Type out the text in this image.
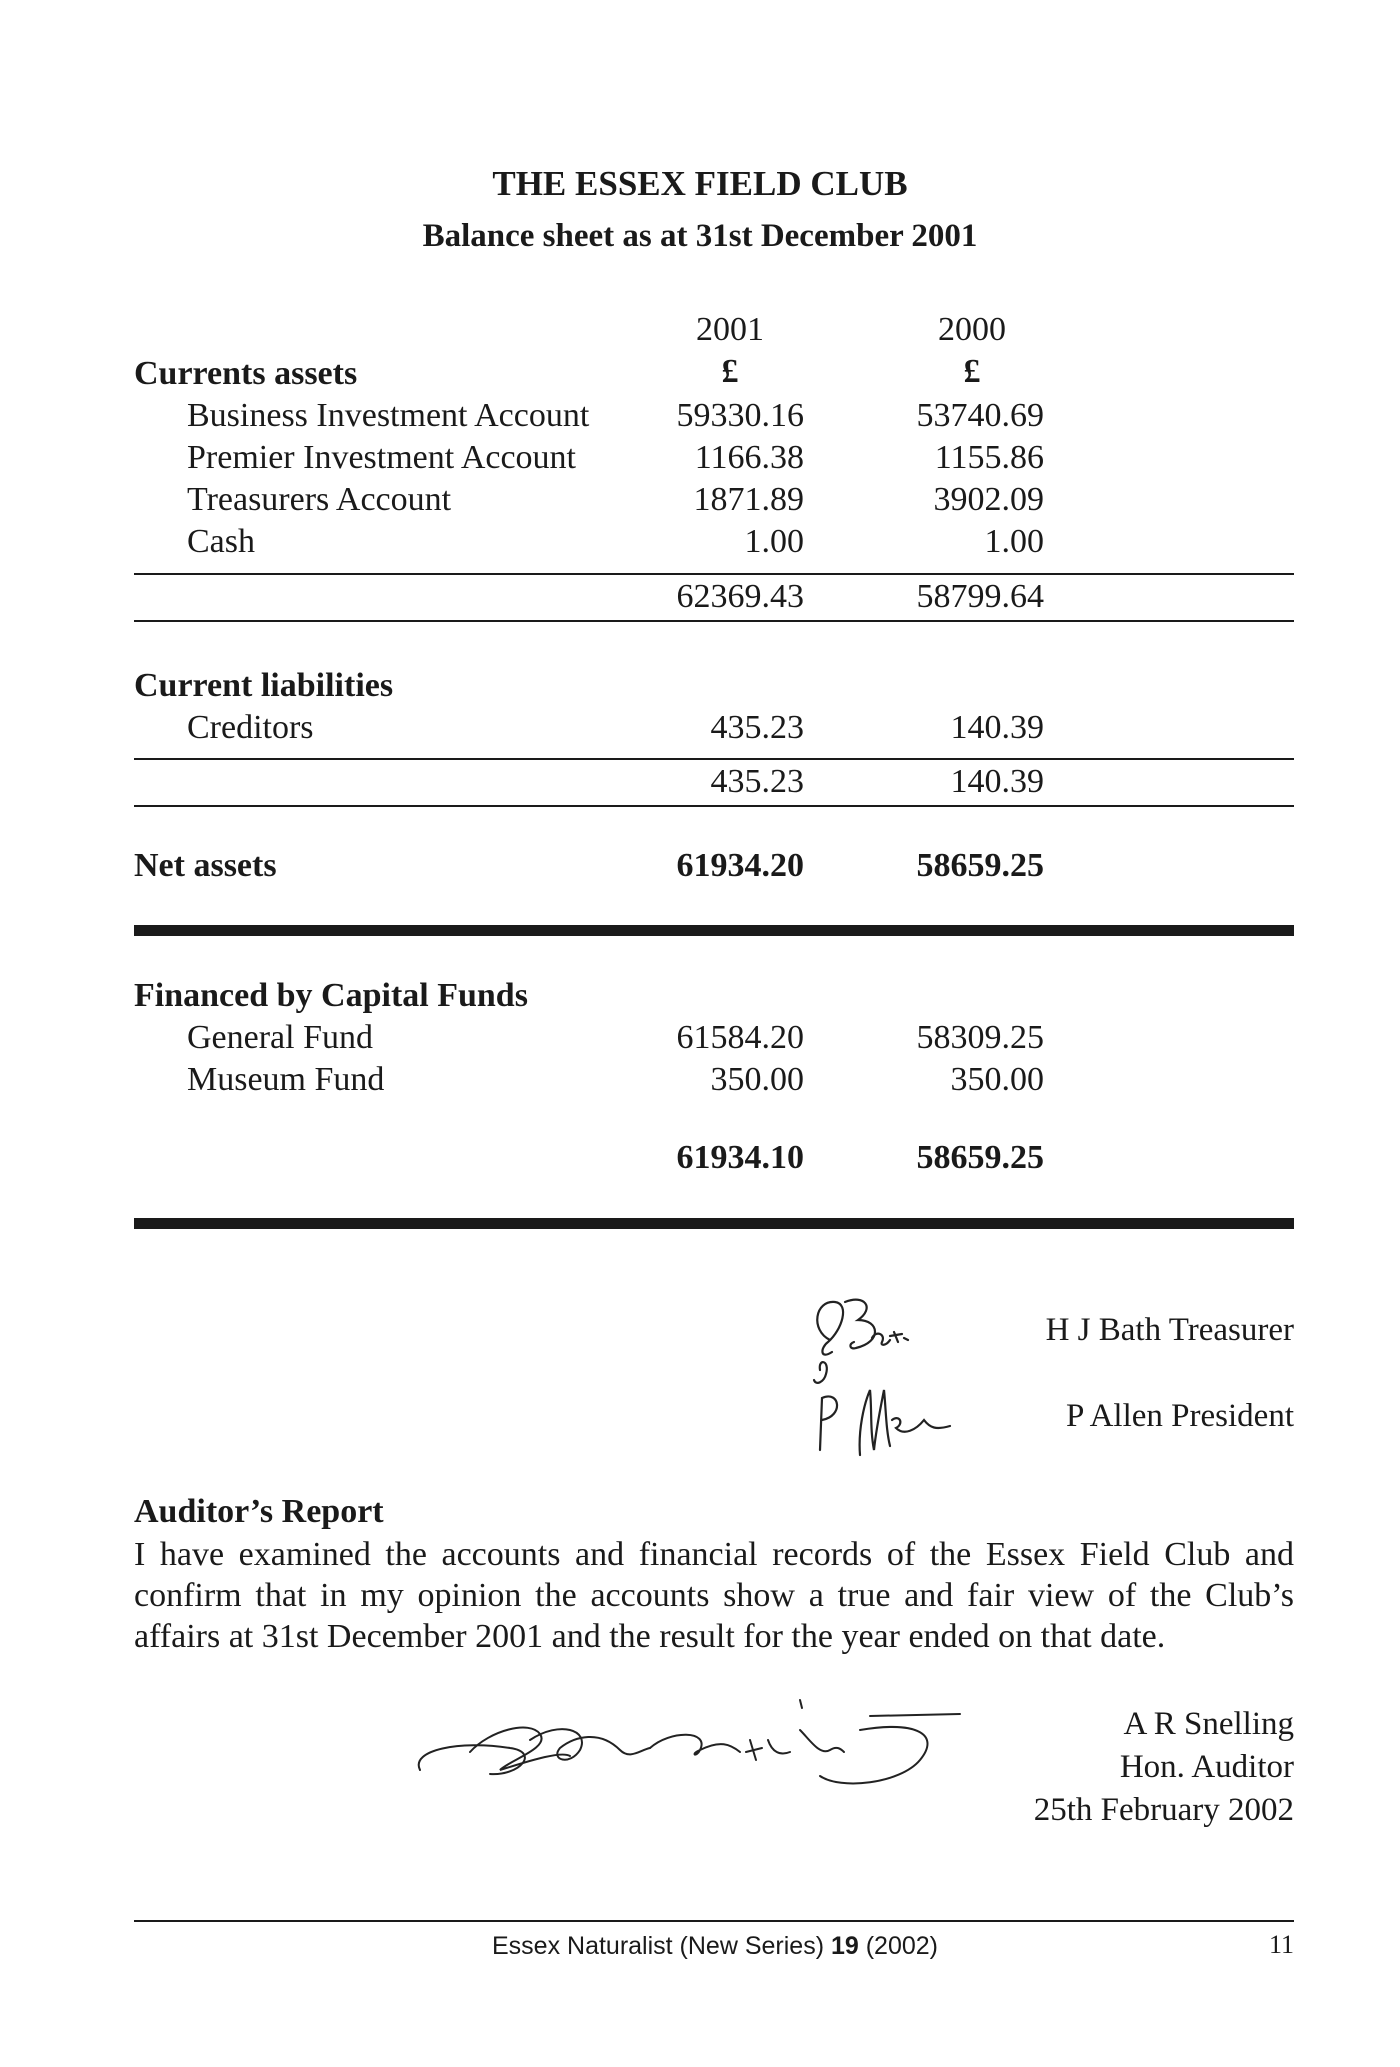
THE ESSEX FIELD CLUB
Balance sheet as at 31st December 2001
2001	2000
£	£
Currents assets
Business Investment Account	59330.16	53740.69
Premier Investment Account	1166.38	1155.86
Treasurers Account	1871.89	3902.09
Cash	1.00	1.00
62369.43	58799.64
Current liabilities
Creditors	435.23	140.39
435.23	140.39
Net assets	61934.20	58659.25
Financed by Capital Funds
General Fund	61584.20	58309.25
Museum Fund	350.00	350.00
61934.10	58659.25
H J Bath Treasurer
P Allen President
Auditor’s Report
I have examined the accounts and financial records of the Essex Field Club and confirm that in my opinion the accounts show a true and fair view of the Club’s affairs at 31st December 2001 and the result for the year ended on that date.
A R Snelling
Hon. Auditor
25th February 2002
Essex Naturalist (New Series) 19 (2002)	11
